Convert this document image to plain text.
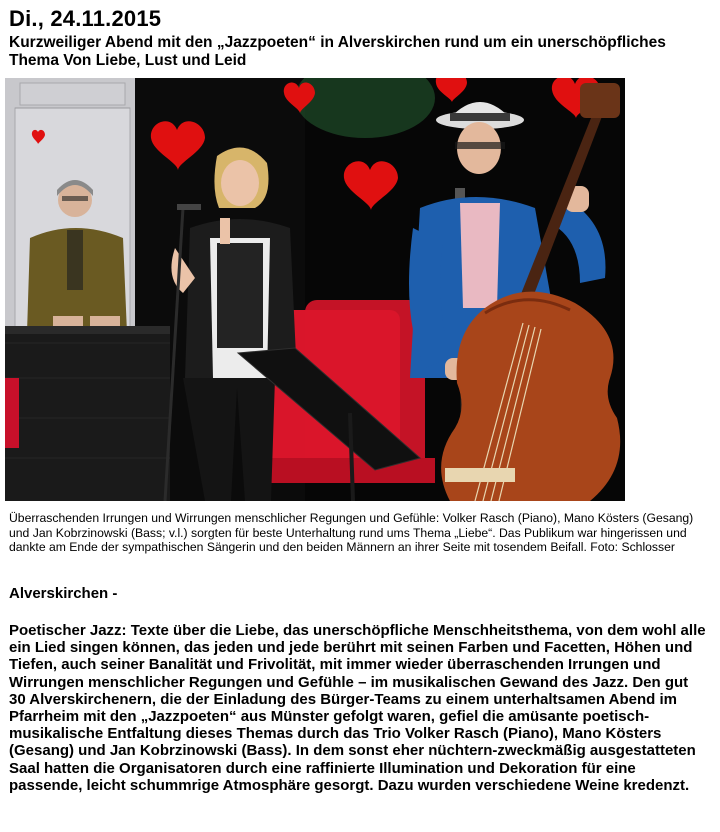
Di., 24.11.2015
Kurzweiliger Abend mit den „Jazzpoeten“ in Alverskirchen rund um ein unerschöpfliches Thema Von Liebe, Lust und Leid
Überraschenden Irrungen und Wirrungen menschlicher Regungen und Gefühle: Volker Rasch (Piano), Mano Kösters (Gesang) und Jan Kobrzinowski (Bass; v.l.) sorgten für beste Unterhaltung rund ums Thema „Liebe“. Das Publikum war hingerissen und dankte am Ende der sympathischen Sängerin und den beiden Männern an ihrer Seite mit tosendem Beifall. Foto: Schlosser
Alverskirchen -
Poetischer Jazz: Texte über die Liebe, das unerschöpfliche Menschheitsthema, von dem wohl alle ein Lied singen können, das jeden und jede berührt mit seinen Farben und Facetten, Höhen und Tiefen, auch seiner Banalität und Frivolität, mit immer wieder überraschenden Irrungen und Wirrungen menschlicher Regungen und Gefühle – im musikalischen Gewand des Jazz. Den gut 30 Alverskirchenern, die der Einladung des Bürger-Teams zu einem unterhaltsamen Abend im Pfarrheim mit den „Jazzpoeten“ aus Münster gefolgt waren, gefiel die amüsante poetisch-musikalische Entfaltung dieses Themas durch das Trio Volker Rasch (Piano), Mano Kösters (Gesang) und Jan Kobrzinowski (Bass). In dem sonst eher nüchtern-zweckmäßig ausgestatteten Saal hatten die Organisatoren durch eine raffinierte Illumination und Dekoration für eine passende, leicht schummrige Atmosphäre gesorgt. Dazu wurden verschiedene Weine kredenzt.
